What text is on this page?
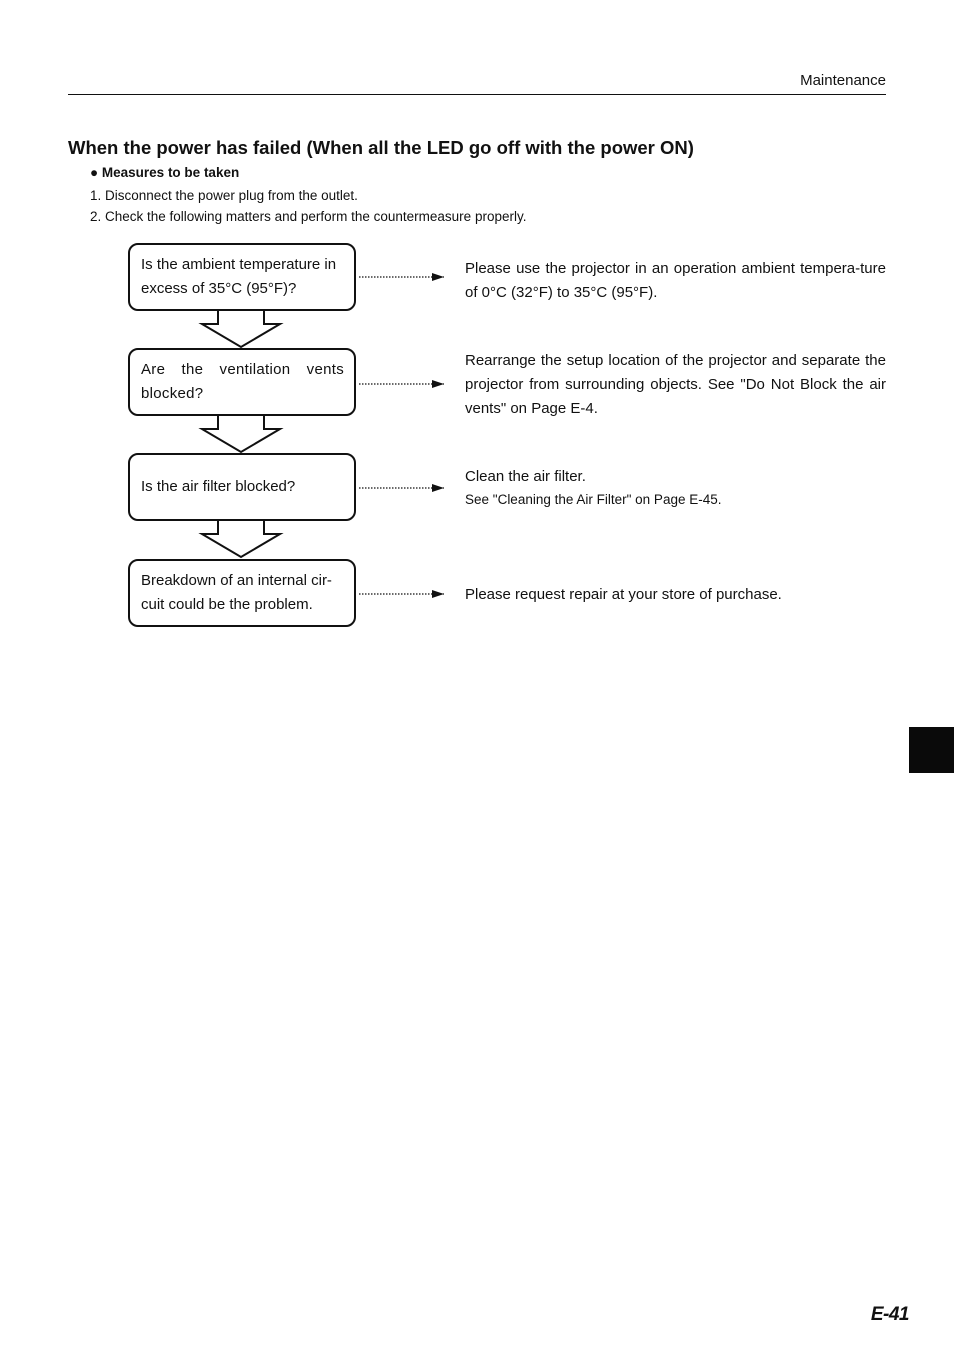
Maintenance
When the power has failed (When all the LED go off with the power ON)
● Measures to be taken
1. Disconnect the power plug from the outlet.
2. Check the following matters and perform the countermeasure properly.
Is the ambient temperature in excess of 35°C (95°F)?
Are the ventilation vents blocked?
Is the air filter blocked?
Breakdown of an internal cir-cuit could be the problem.
Please use the projector in an operation ambient tempera-ture of 0°C (32°F) to 35°C (95°F).
Rearrange the setup location of the projector and separate the projector from surrounding objects. See "Do Not Block the air vents" on Page E-4.
Clean the air filter.
See "Cleaning the Air Filter" on Page E-45.
Please request repair at your store of purchase.
E-41
